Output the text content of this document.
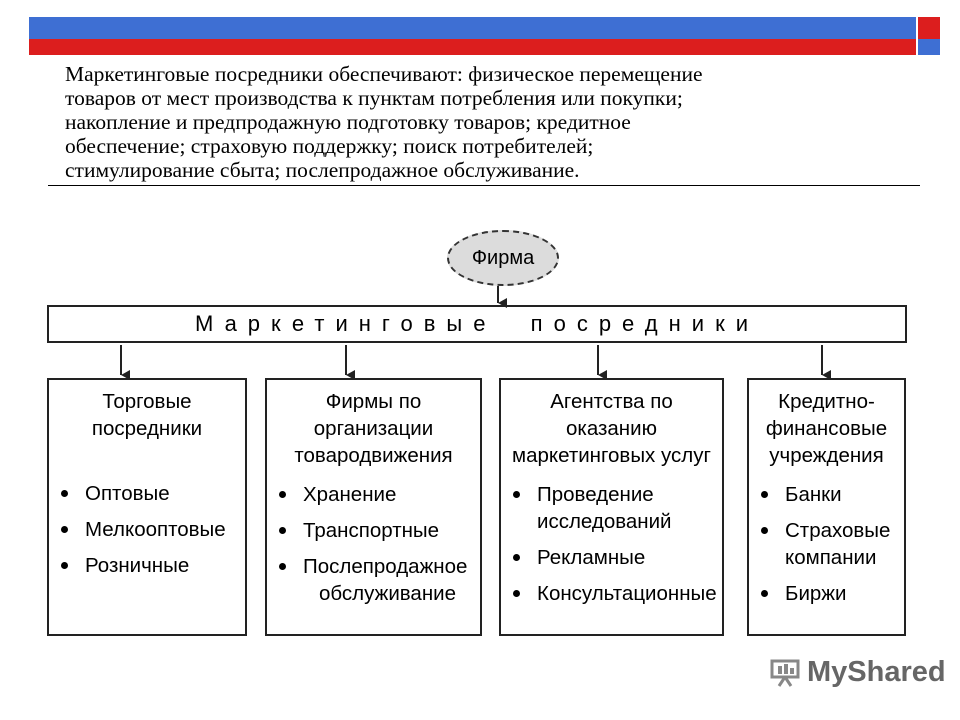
Маркетинговые посредники обеспечивают: физическое перемещение
товаров от мест производства к пунктам потребления или покупки;
накопление и предпродажную подготовку товаров; кредитное
обеспечение; страховую поддержку; поиск потребителей;
стимулирование сбыта; послепродажное обслуживание.

Фирма
Маркетинговые  посредники
Торговые
посредники
Оптовые
Мелкооптовые
Розничные
Фирмы по
организации
товародвижения
Хранение
Транспортные
Послепродажное
обслуживание
Агентства по
оказанию
маркетинговых услуг
Проведение
исследований
Рекламные
Консультационные
Кредитно-
финансовые
учреждения
Банки
Страховые
компании
Биржи
MyShared
